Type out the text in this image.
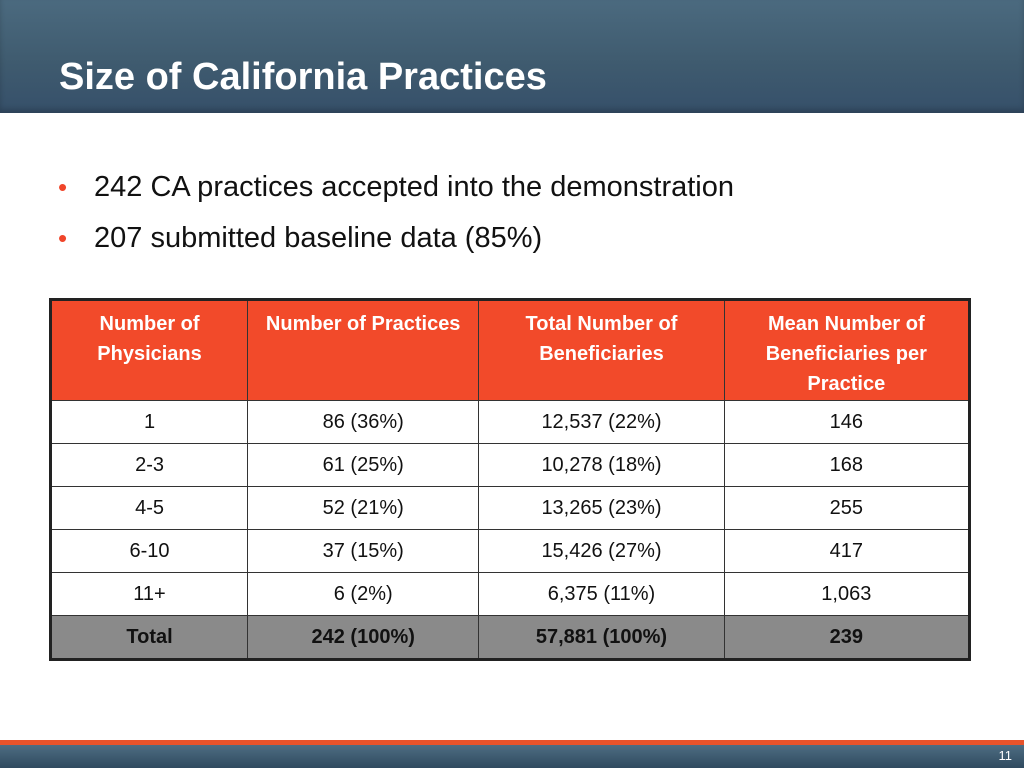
Size of California Practices
• 242 CA practices accepted into the demonstration
• 207 submitted baseline data (85%)
Number of Physicians	Number of Practices	Total Number of Beneficiaries	Mean Number of Beneficiaries per Practice
1	86 (36%)	12,537 (22%)	146
2-3	61 (25%)	10,278 (18%)	168
4-5	52 (21%)	13,265 (23%)	255
6-10	37 (15%)	15,426 (27%)	417
11+	6 (2%)	6,375 (11%)	1,063
Total	242 (100%)	57,881 (100%)	239
11
